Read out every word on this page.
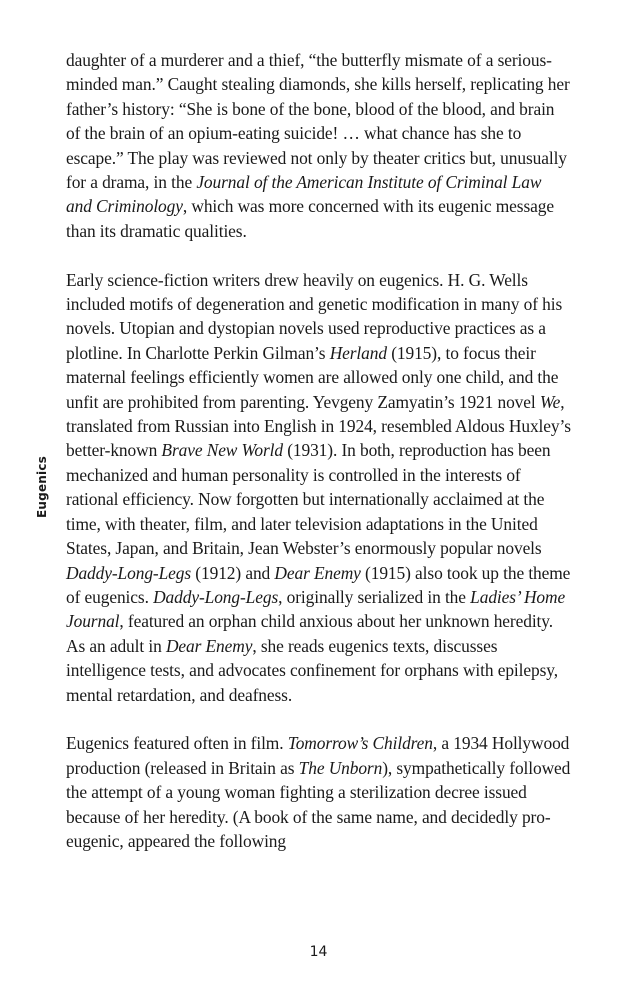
Eugenics

daughter of a murderer and a thief, “the butterfly mismate of a serious-minded man.” Caught stealing diamonds, she kills herself, replicating her father’s history: “She is bone of the bone, blood of the blood, and brain of the brain of an opium-eating suicide! … what chance has she to escape.” The play was reviewed not only by theater critics but, unusually for a drama, in the Journal of the American Institute of Criminal Law and Criminology, which was more concerned with its eugenic message than its dramatic qualities.

Early science-fiction writers drew heavily on eugenics. H. G. Wells included motifs of degeneration and genetic modification in many of his novels. Utopian and dystopian novels used reproductive practices as a plotline. In Charlotte Perkin Gilman’s Herland (1915), to focus their maternal feelings efficiently women are allowed only one child, and the unfit are prohibited from parenting. Yevgeny Zamyatin’s 1921 novel We, translated from Russian into English in 1924, resembled Aldous Huxley’s better-known Brave New World (1931). In both, reproduction has been mechanized and human personality is controlled in the interests of rational efficiency. Now forgotten but internationally acclaimed at the time, with theater, film, and later television adaptations in the United States, Japan, and Britain, Jean Webster’s enormously popular novels Daddy-Long-Legs (1912) and Dear Enemy (1915) also took up the theme of eugenics. Daddy-Long-Legs, originally serialized in the Ladies’ Home Journal, featured an orphan child anxious about her unknown heredity. As an adult in Dear Enemy, she reads eugenics texts, discusses intelligence tests, and advocates confinement for orphans with epilepsy, mental retardation, and deafness.

Eugenics featured often in film. Tomorrow’s Children, a 1934 Hollywood production (released in Britain as The Unborn), sympathetically followed the attempt of a young woman fighting a sterilization decree issued because of her heredity. (A book of the same name, and decidedly pro-eugenic, appeared the following

14
